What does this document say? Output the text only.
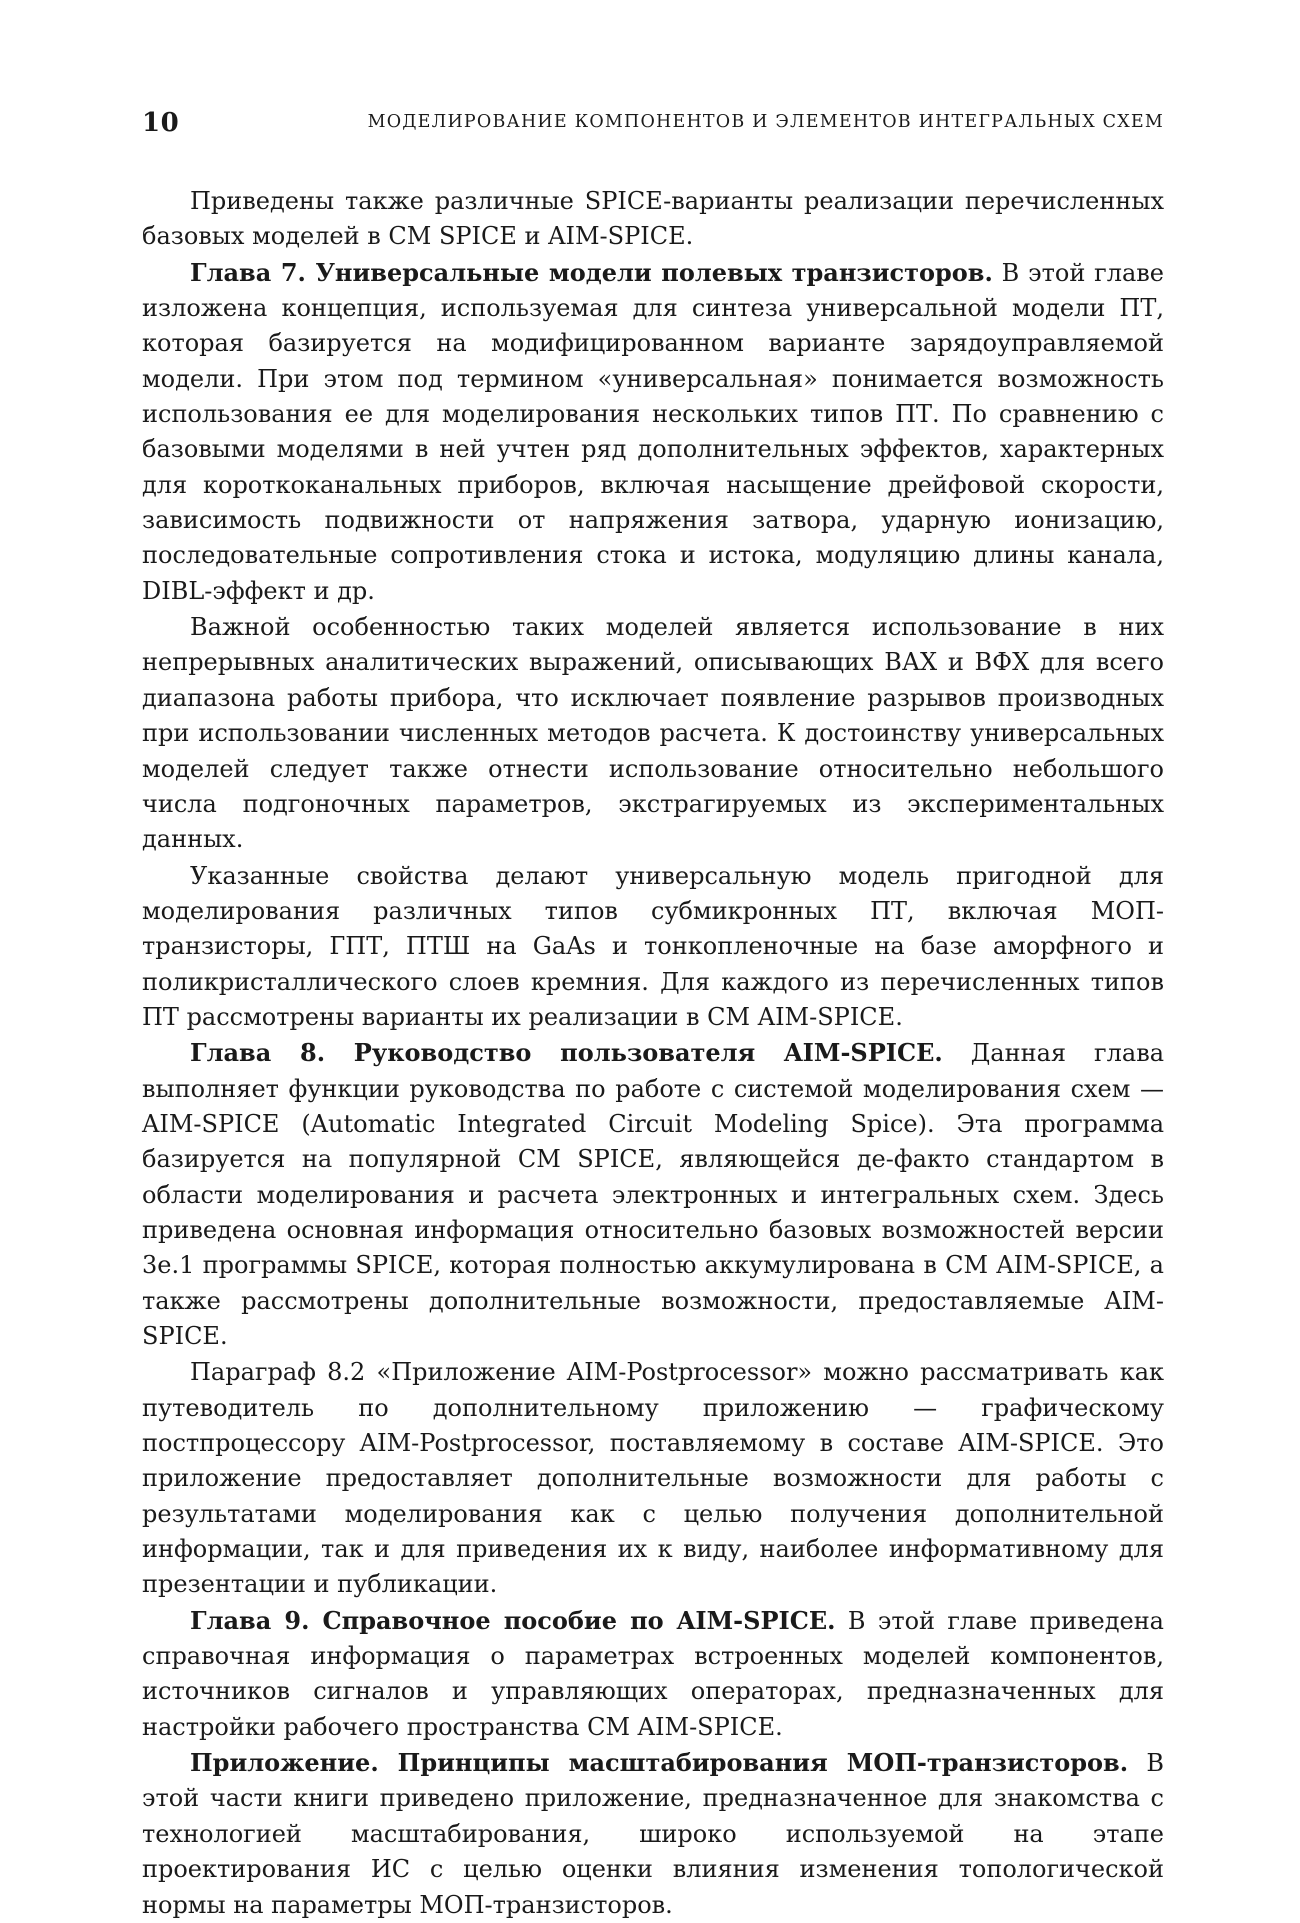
10	МОДЕЛИРОВАНИЕ КОМПОНЕНТОВ И ЭЛЕМЕНТОВ ИНТЕГРАЛЬНЫХ СХЕМ

Приведены также различные SPICE-варианты реализации перечисленных базовых моделей в СМ SPICE и AIM-SPICE.

Глава 7. Универсальные модели полевых транзисторов. В этой главе изложена концепция, используемая для синтеза универсальной модели ПТ, которая базируется на модифицированном варианте зарядоуправляемой модели. При этом под термином «универсальная» понимается возможность использования ее для моделирования нескольких типов ПТ. По сравнению с базовыми моделями в ней учтен ряд дополнительных эффектов, характерных для короткоканальных приборов, включая насыщение дрейфовой скорости, зависимость подвижности от напряжения затвора, ударную ионизацию, последовательные сопротивления стока и истока, модуляцию длины канала, DIBL-эффект и др.

Важной особенностью таких моделей является использование в них непрерывных аналитических выражений, описывающих ВАХ и ВФХ для всего диапазона работы прибора, что исключает появление разрывов производных при использовании численных методов расчета. К достоинству универсальных моделей следует также отнести использование относительно небольшого числа подгоночных параметров, экстрагируемых из экспериментальных данных.

Указанные свойства делают универсальную модель пригодной для моделирования различных типов субмикронных ПТ, включая МОП-транзисторы, ГПТ, ПТШ на GaAs и тонкопленочные на базе аморфного и поликристаллического слоев кремния. Для каждого из перечисленных типов ПТ рассмотрены варианты их реализации в СМ AIM-SPICE.

Глава 8. Руководство пользователя AIM-SPICE. Данная глава выполняет функции руководства по работе с системой моделирования схем — AIM-SPICE (Automatic Integrated Circuit Modeling Spice). Эта программа базируется на популярной СМ SPICE, являющейся де-факто стандартом в области моделирования и расчета электронных и интегральных схем. Здесь приведена основная информация относительно базовых возможностей версии 3e.1 программы SPICE, которая полностью аккумулирована в СМ AIM-SPICE, а также рассмотрены дополнительные возможности, предоставляемые AIM-SPICE.

Параграф 8.2 «Приложение AIM-Postprocessor» можно рассматривать как путеводитель по дополнительному приложению — графическому постпроцессору AIM-Postprocessor, поставляемому в составе AIM-SPICE. Это приложение предоставляет дополнительные возможности для работы с результатами моделирования как с целью получения дополнительной информации, так и для приведения их к виду, наиболее информативному для презентации и публикации.

Глава 9. Справочное пособие по AIM-SPICE. В этой главе приведена справочная информация о параметрах встроенных моделей компонентов, источников сигналов и управляющих операторах, предназначенных для настройки рабочего пространства СМ AIM-SPICE.

Приложение. Принципы масштабирования МОП-транзисторов. В этой части книги приведено приложение, предназначенное для знакомства с технологией масштабирования, широко используемой на этапе проектирования ИС с целью оценки влияния изменения топологической нормы на параметры МОП-транзисторов.
